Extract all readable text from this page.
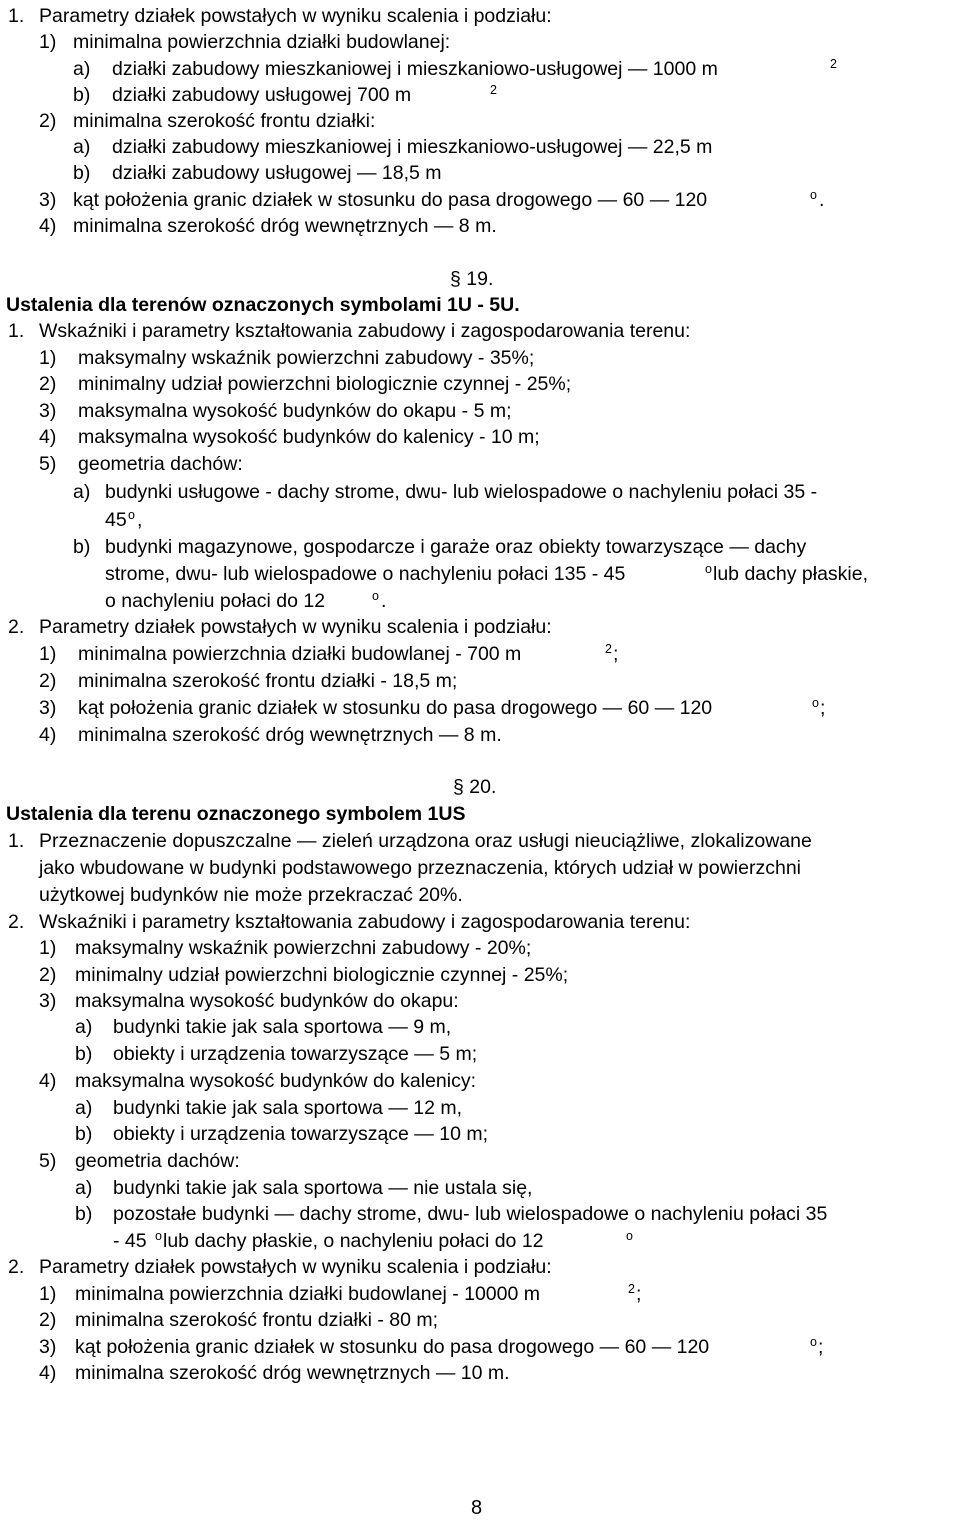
1. Parametry działek powstałych w wyniku scalenia i podziału:
1) minimalna powierzchnia działki budowlanej:
a) działki zabudowy mieszkaniowej i mieszkaniowo-usługowej — 1000 m	2
b) działki zabudowy usługowej 700 m	2
2) minimalna szerokość frontu działki:
a) działki zabudowy mieszkaniowej i mieszkaniowo-usługowej — 22,5 m
b) działki zabudowy usługowej — 18,5 m
3) kąt położenia granic działek w stosunku do pasa drogowego — 60 — 120	o .
4) minimalna szerokość dróg wewnętrznych — 8 m.
§ 19.
Ustalenia dla terenów oznaczonych symbolami 1U - 5U.
1. Wskaźniki i parametry kształtowania zabudowy i zagospodarowania terenu:
1) maksymalny wskaźnik powierzchni zabudowy - 35%;
2) minimalny udział powierzchni biologicznie czynnej - 25%;
3) maksymalna wysokość budynków do okapu - 5 m;
4) maksymalna wysokość budynków do kalenicy - 10 m;
5) geometria dachów:
a) budynki usługowe - dachy strome, dwu- lub wielospadowe o nachyleniu połaci 35 -
45 o ,
b) budynki magazynowe, gospodarcze i garaże oraz obiekty towarzyszące — dachy
strome, dwu- lub wielospadowe o nachyleniu połaci 135 - 45	o lub dachy płaskie,
o nachyleniu połaci do 12	o .
2. Parametry działek powstałych w wyniku scalenia i podziału:
1) minimalna powierzchnia działki budowlanej - 700 m	2 ;
2) minimalna szerokość frontu działki - 18,5 m;
3) kąt położenia granic działek w stosunku do pasa drogowego — 60 — 120	o ;
4) minimalna szerokość dróg wewnętrznych — 8 m.
§ 20.
Ustalenia dla terenu oznaczonego symbolem 1US
1. Przeznaczenie dopuszczalne — zieleń urządzona oraz usługi nieuciążliwe, zlokalizowane
jako wbudowane w budynki podstawowego przeznaczenia, których udział w powierzchni
użytkowej budynków nie może przekraczać 20%.
2. Wskaźniki i parametry kształtowania zabudowy i zagospodarowania terenu:
1) maksymalny wskaźnik powierzchni zabudowy - 20%;
2) minimalny udział powierzchni biologicznie czynnej - 25%;
3) maksymalna wysokość budynków do okapu:
a) budynki takie jak sala sportowa — 9 m,
b) obiekty i urządzenia towarzyszące — 5 m;
4) maksymalna wysokość budynków do kalenicy:
a) budynki takie jak sala sportowa — 12 m,
b) obiekty i urządzenia towarzyszące — 10 m;
5) geometria dachów:
a) budynki takie jak sala sportowa — nie ustala się,
b) pozostałe budynki — dachy strome, dwu- lub wielospadowe o nachyleniu połaci 35
- 45 o lub dachy płaskie, o nachyleniu połaci do 12	o
2. Parametry działek powstałych w wyniku scalenia i podziału:
1) minimalna powierzchnia działki budowlanej - 10000 m	2 ;
2) minimalna szerokość frontu działki - 80 m;
3) kąt położenia granic działek w stosunku do pasa drogowego — 60 — 120	o ;
4) minimalna szerokość dróg wewnętrznych — 10 m.
8
